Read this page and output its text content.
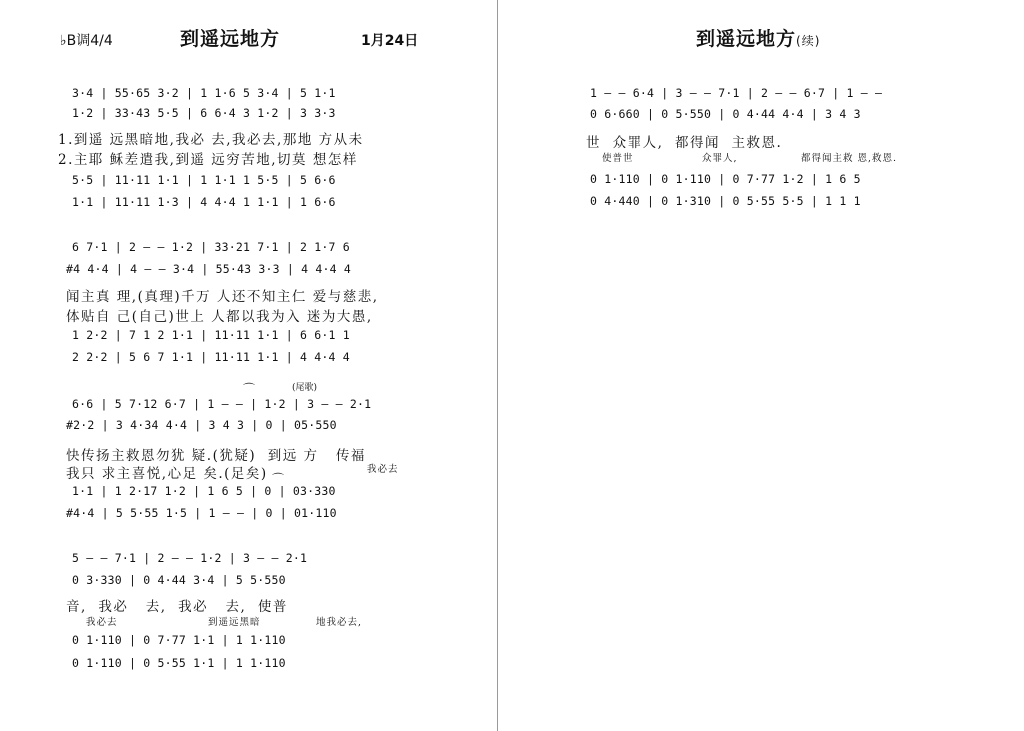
♭B调4/4	到遥远地方	1月24日
3·4 | 55·65 3·2 | 1 1·6 5 3·4 | 5 1·1
1·2 | 33·43 5·5 | 6 6·4 3 1·2 | 3 3·3
1.到遥 远黑暗地,我必 去,我必去,那地 方从未
2.主耶 稣差遣我,到遥 远穷苦地,切莫 想怎样
5·5 | 11·11 1·1 | 1 1·1 1 5·5 | 5 6·6
1·1 | 11·11 1·3 | 4 4·4 1 1·1 | 1 6·6
6 7·1 | 2 — — 1·2 | 33·21 7·1 | 2 1·7 6
#4 4·4 | 4 — — 3·4 | 55·43 3·3 | 4 4·4 4
闻主真 理,(真理)千万 人还不知主仁 爱与慈悲,
体贴自 己(自己)世上 人都以我为入 迷为大愚,
1 2·2 | 7 1 2 1·1 | 11·11 1·1 | 6 6·1 1
2 2·2 | 5 6 7 1·1 | 11·11 1·1 | 4 4·4 4
(尾歌)
⌒
6·6 | 5 7·12 6·7 | 1 — — | 1·2 | 3 — — 2·1
#2·2 | 3 4·34 4·4 | 3 4 3 | 0 | 05·550
快传扬主救恩勿犹 疑.(犹疑)  到远 方   传福
我只 求主喜悦,心足 矣.(足矣)	我必去
⌒
1·1 | 1 2·17 1·2 | 1 6 5 | 0 | 03·330
#4·4 | 5 5·55 1·5 | 1 — — | 0 | 01·110
5 — — 7·1 | 2 — — 1·2 | 3 — — 2·1
0 3·330 | 0 4·44 3·4 | 5 5·550
音,  我必   去,  我必   去,  使普
我必去	到遥远黑暗	地我必去,
0 1·110 | 0 7·77 1·1 | 1 1·110
0 1·110 | 0 5·55 1·1 | 1 1·110
到遥远地方(续)
1 — — 6·4 | 3 — — 7·1 | 2 — — 6·7 | 1 — —
0 6·660 | 0 5·550 | 0 4·44 4·4 | 3 4 3
世  众罪人,  都得闻  主救恩.
使普世	众罪人,	都得闻主救 恩,救恩.
0 1·110 | 0 1·110 | 0 7·77 1·2 | 1 6 5
0 4·440 | 0 1·310 | 0 5·55 5·5 | 1 1 1
